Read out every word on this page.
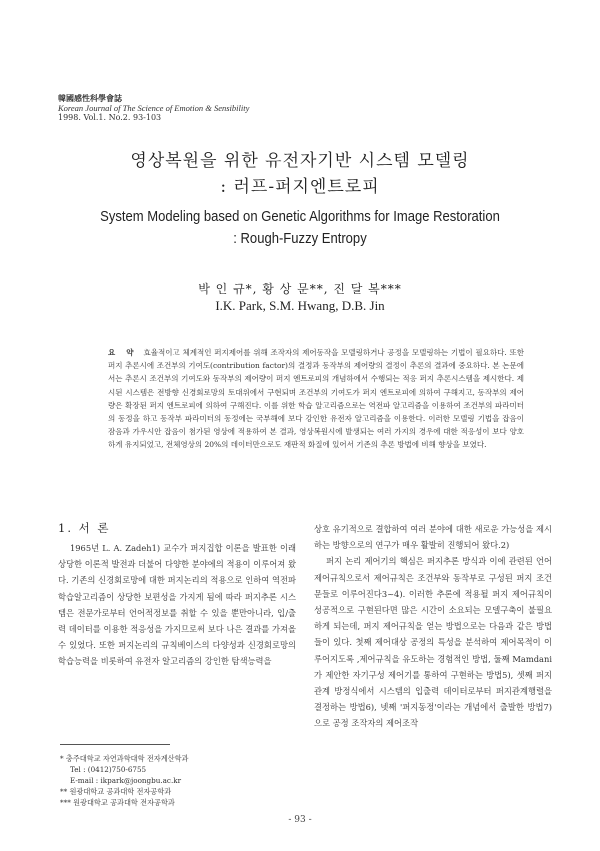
韓國感性科學會誌
Korean Journal of The Science of Emotion & Sensibility
1998. Vol.1. No.2. 93-103
영상복원을 위한 유전자기반 시스템 모델링
: 러프-퍼지엔트로피
System Modeling based on Genetic Algorithms for Image Restoration
: Rough-Fuzzy Entropy
박 인 규*, 황 상 문**, 진 달 복***
I.K. Park, S.M. Hwang, D.B. Jin
요 약 효율적이고 체계적인 퍼지제어를 위해 조작자의 제어동작을 모델링하거나 공정을 모델링하는 기법이 필요하다. 또한 퍼지 추론시에 조건부의 기여도(contribution factor)의 결정과 동작부의 제어량의 결정이 추론의 결과에 중요하다. 본 논문에서는 추론시 조건부의 기여도와 동작부의 제어량이 퍼지 엔트로피의 개념하에서 수행되는 적응 퍼지 추론시스템을 제시한다. 제시된 시스템은 전방향 신경회로망의 토대위에서 구현되며 조건부의 기여도가 퍼지 엔트로피에 의하여 구해지고, 동작부의 제어량은 확장된 퍼지 엔트로피에 의하여 구해진다. 이를 위한 학습 알고리즘으로는 역전파 알고리즘을 이용하여 조건부의 파라미터의 동정을 하고 동작부 파라미터의 동정에는 국부해에 보다 강인한 유전자 알고리즘을 이용한다. 이러한 모델링 기법을 잡음이 잠음과 가우시안 잡음이 첨가된 영상에 적용하여 본 결과, 영상복원시에 발생되는 여러 가지의 경우에 대한 적응성이 보다 양호하게 유지되었고, 전체영상의 20%의 데이터만으로도 재판적 화질에 있어서 기존의 추론 방법에 비해 향상을 보였다.
1. 서 론

1965년 L. A. Zadeh1) 교수가 퍼지집합 이론을 발표한 이래 상당한 이론적 발전과 더불어 다양한 분야에의 적용이 이루어져 왔다. 기존의 신경회로망에 대한 퍼지논리의 적용으로 인하여 역전파 학습알고리즘이 상당한 보편성을 가지게 됨에 따라 퍼지추론 시스템은 전문가로부터 언어적정보를 취할 수 있을 뿐만아니라, 입/출력 데이터를 이용한 적응성을 가지므로써 보다 나은 결과를 가져올 수 있었다. 또한 퍼지논리의 규칙베이스의 다양성과 신경회로망의 학습능력을 비롯하여 유전자 알고리즘의 강인한 탐색능력을

상호 유기적으로 결합하여 여러 분야에 대한 새로운 가능성을 제시하는 방향으로의 연구가 매우 활발히 진행되어 왔다.2)

퍼지 논리 제어기의 핵심은 퍼지추론 방식과 이에 관련된 언어 제어규칙으로서 제어규칙은 조건부와 동작부로 구성된 퍼지 조건문들로 이루어진다3~4). 이러한 추론에 적용될 퍼지 제어규칙이 성공적으로 구현된다면 많은 시간이 소요되는 모델구축이 불필요하게 되는데, 퍼지 제어규칙을 얻는 방법으로는 다음과 같은 방법들이 있다. 첫째 제어대상 공정의 특성을 분석하여 제어목적이 이루어지도록 ,제어규칙을 유도하는 경험적인 방법, 둘째 Mamdani가 제안한 자기구성 제어기를 통하여 구현하는 방법5), 셋째 퍼지관계 방정식에서 시스템의 입출력 데이터로부터 퍼지관계행렬을 결정하는 방법6), 넷째 '퍼지동정'이라는 개념에서 출발한 방법7)으로 공정 조작자의 제어조작

* 충주대학교 자연과학대학 전자계산학과
Tel : (0412)750-6755
E-mail : ikpark@joongbu.ac.kr
** 원광대학교 공과대학 전자공학과
*** 원광대학교 공과대학 전자공학과
- 93 -
